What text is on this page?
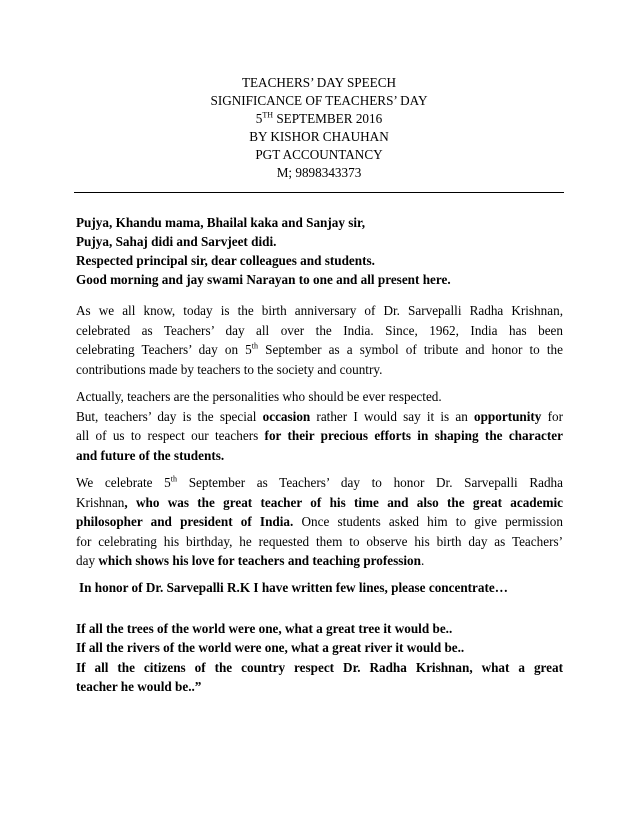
TEACHERS’ DAY SPEECH
SIGNIFICANCE OF TEACHERS’ DAY
5TH SEPTEMBER 2016
BY KISHOR CHAUHAN
PGT ACCOUNTANCY
M; 9898343373

Pujya, Khandu mama, Bhailal kaka and Sanjay sir,

Pujya, Sahaj didi and Sarvjeet didi.

Respected principal sir, dear colleagues and students.

Good morning and jay swami Narayan to one and all present here.

As we all know, today is the birth anniversary of Dr. Sarvepalli Radha Krishnan,
celebrated as Teachers’ day all over the India. Since, 1962, India has been
celebrating Teachers’ day on 5th September as a symbol of tribute and honor to the
contributions made by teachers to the society and country.
Actually, teachers are the personalities who should be ever respected.
But, teachers’ day is the special occasion rather I would say it is an opportunity for
all of us to respect our teachers for their precious efforts in shaping the character
and future of the students.
We celebrate 5th September as Teachers’ day to honor Dr. Sarvepalli Radha
Krishnan, who was the great teacher of his time and also the great academic
philosopher and president of India. Once students asked him to give permission
for celebrating his birthday, he requested them to observe his birth day as Teachers’
day which shows his love for teachers and teaching profession.
In honor of Dr. Sarvepalli R.K I have written few lines, please concentrate…
If all the trees of the world were one, what a great tree it would be..
If all the rivers of the world were one, what a great river it would be..
If all the citizens of the country respect Dr. Radha Krishnan, what a great
teacher he would be..”
